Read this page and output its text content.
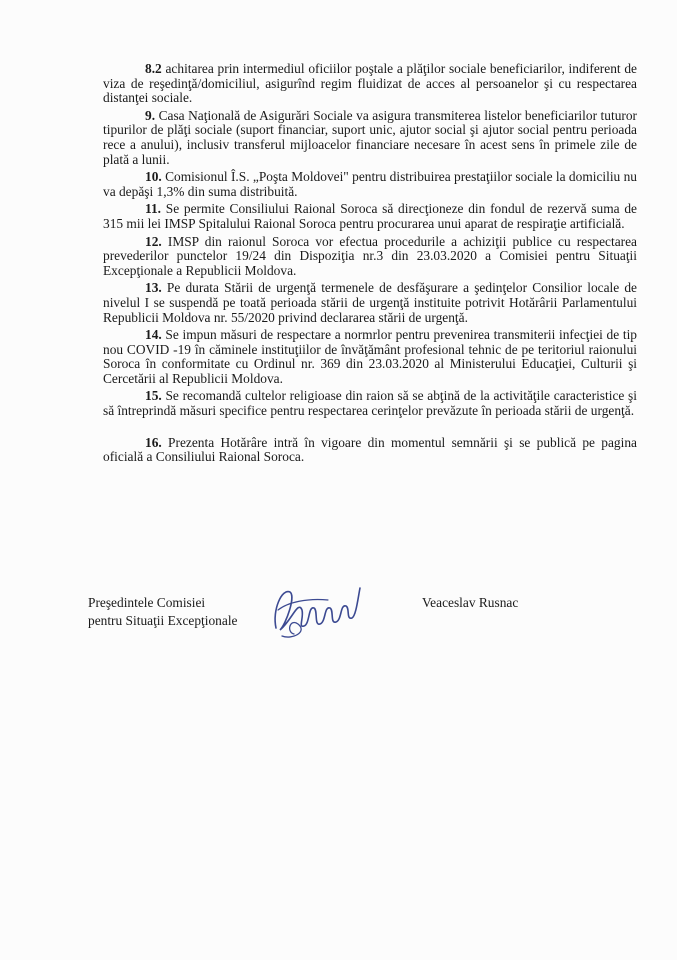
8.2 achitarea prin intermediul oficiilor poştale a plăţilor sociale beneficiarilor, indiferent de viza de reşedinţă/domiciliul, asigurînd regim fluidizat de acces al persoanelor şi cu respectarea distanţei sociale.

9. Casa Naţională de Asigurări Sociale va asigura transmiterea listelor beneficiarilor tuturor tipurilor de plăţi sociale (suport financiar, suport unic, ajutor social şi ajutor social pentru perioada rece a anului), inclusiv transferul mijloacelor financiare necesare în acest sens în primele zile de plată a lunii.

10. Comisionul Î.S. „Poşta Moldovei" pentru distribuirea prestaţiilor sociale la domiciliu nu va depăşi 1,3% din suma distribuită.

11. Se permite Consiliului Raional Soroca să direcţioneze din fondul de rezervă suma de 315 mii lei IMSP Spitalului Raional Soroca pentru procurarea unui aparat de respiraţie artificială.

12. IMSP din raionul Soroca vor efectua procedurile a achiziţii publice cu respectarea prevederilor punctelor 19/24 din Dispoziţia nr.3 din 23.03.2020 a Comisiei pentru Situaţii Excepţionale a Republicii Moldova.

13. Pe durata Stării de urgenţă termenele de desfăşurare a şedinţelor Consilior locale de nivelul I se suspendă pe toată perioada stării de urgenţă instituite potrivit Hotărârii Parlamentului Republicii Moldova nr. 55/2020 privind declararea stării de urgenţă.

14. Se impun măsuri de respectare a normrlor pentru prevenirea transmiterii infecţiei de tip nou COVID -19 în căminele instituţiilor de învăţământ profesional tehnic de pe teritoriul raionului Soroca în conformitate cu Ordinul nr. 369 din 23.03.2020 al Ministerului Educaţiei, Culturii şi Cercetării al Republicii Moldova.

15. Se recomandă cultelor religioase din raion să se abţină de la activităţile caracteristice şi să întreprindă măsuri specifice pentru respectarea cerinţelor prevăzute în perioada stării de urgenţă.

16. Prezenta Hotărâre intră în vigoare din momentul semnării şi se publică pe pagina oficială a Consiliului Raional Soroca.

Preşedintele Comisiei
pentru Situaţii Excepţionale
Veaceslav Rusnac
